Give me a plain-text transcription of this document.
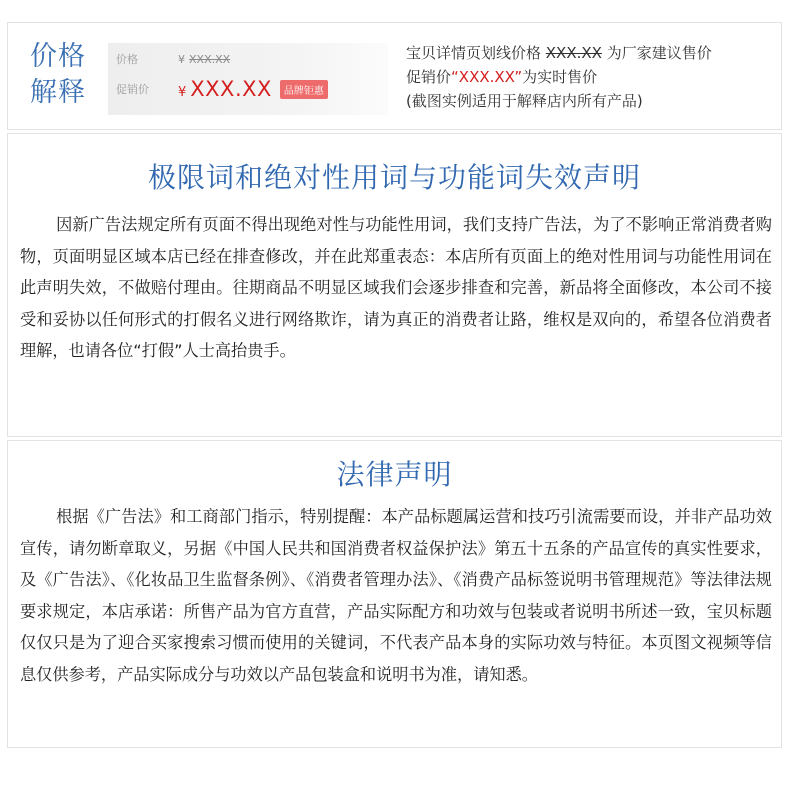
价格
解释
价格	¥ XXX.XX
促销价	¥ XXX.XX	品牌钜惠
宝贝详情页划线价格 XXX.XX 为厂家建议售价
促销价“XXX.XX”为实时售价
(截图实例适用于解释店内所有产品)
极限词和绝对性用词与功能词失效声明
因新广告法规定所有页面不得出现绝对性与功能性用词，我们支持广告法，为了不影响正常消费者购物，页面明显区域本店已经在排查修改，并在此郑重表态：本店所有页面上的绝对性用词与功能性用词在此声明失效，不做赔付理由。往期商品不明显区域我们会逐步排查和完善，新品将全面修改，本公司不接受和妥协以任何形式的打假名义进行网络欺诈，请为真正的消费者让路，维权是双向的，希望各位消费者理解，也请各位“打假”人士高抬贵手。
法律声明
根据《广告法》和工商部门指示，特别提醒：本产品标题属运营和技巧引流需要而设，并非产品功效宣传，请勿断章取义，另据《中国人民共和国消费者权益保护法》第五十五条的产品宣传的真实性要求，及《广告法》、《化妆品卫生监督条例》、《消费者管理办法》、《消费产品标签说明书管理规范》等法律法规要求规定，本店承诺：所售产品为官方直营，产品实际配方和功效与包装或者说明书所述一致，宝贝标题仅仅只是为了迎合买家搜索习惯而使用的关键词，不代表产品本身的实际功效与特征。本页图文视频等信息仅供参考，产品实际成分与功效以产品包装盒和说明书为准，请知悉。
